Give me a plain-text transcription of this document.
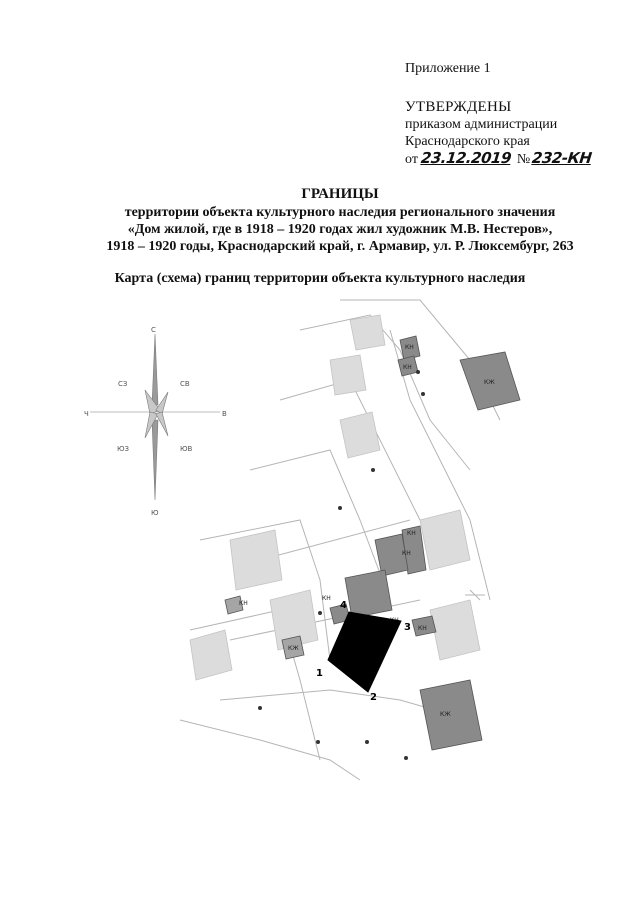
Приложение 1
УТВЕРЖДЕНЫ
приказом администрации
Краснодарского края
от 23.12.2019 № 232-КН
ГРАНИЦЫ
территории объекта культурного наследия регионального значения
«Дом жилой, где в 1918 – 1920 годах жил художник М.В. Нестеров»,
1918 – 1920 годы, Краснодарский край, г. Армавир, ул. Р. Люксембург, 263
Карта (схема) границ территории объекта культурного наследия
С
Ю
В
Ч
СЗ	СВ
ЮЗ	ЮВ
КЖ
КН
КН
КН
КН
КН
КН
КН
КЖ
КЖ
1
2
3
4
